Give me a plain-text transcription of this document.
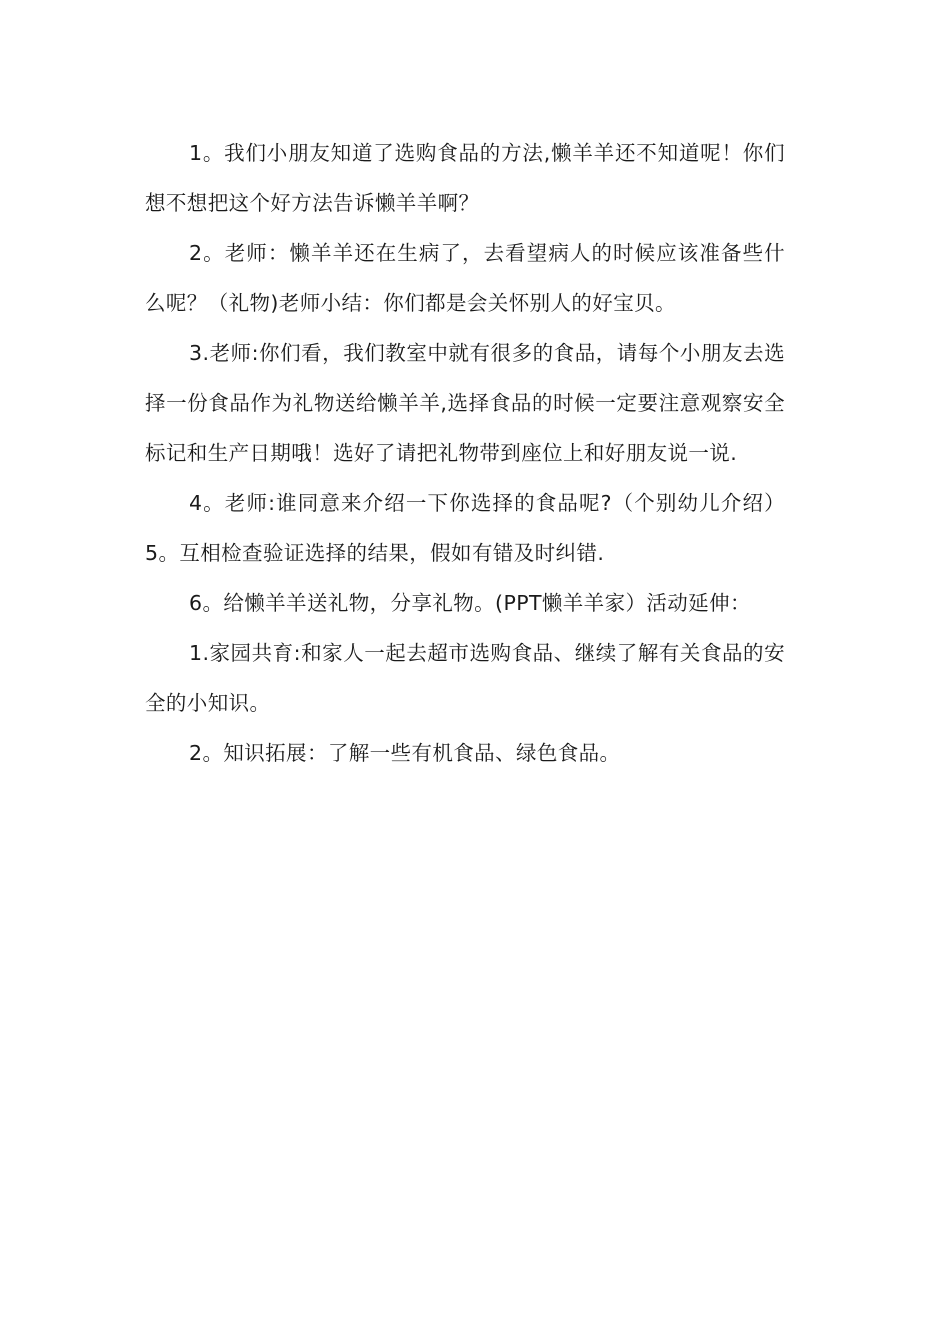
1。我们小朋友知道了选购食品的方法,懒羊羊还不知道呢！你们想不想把这个好方法告诉懒羊羊啊？

2。老师：懒羊羊还在生病了，去看望病人的时候应该准备些什么呢？（礼物)老师小结：你们都是会关怀别人的好宝贝。

3.老师:你们看，我们教室中就有很多的食品，请每个小朋友去选择一份食品作为礼物送给懒羊羊,选择食品的时候一定要注意观察安全标记和生产日期哦！选好了请把礼物带到座位上和好朋友说一说.

4。老师:谁同意来介绍一下你选择的食品呢?（个别幼儿介绍）5。互相检查验证选择的结果，假如有错及时纠错.

6。给懒羊羊送礼物，分享礼物。(PPT懒羊羊家）活动延伸：

1.家园共育:和家人一起去超市选购食品、继续了解有关食品的安全的小知识。

2。知识拓展：了解一些有机食品、绿色食品。
